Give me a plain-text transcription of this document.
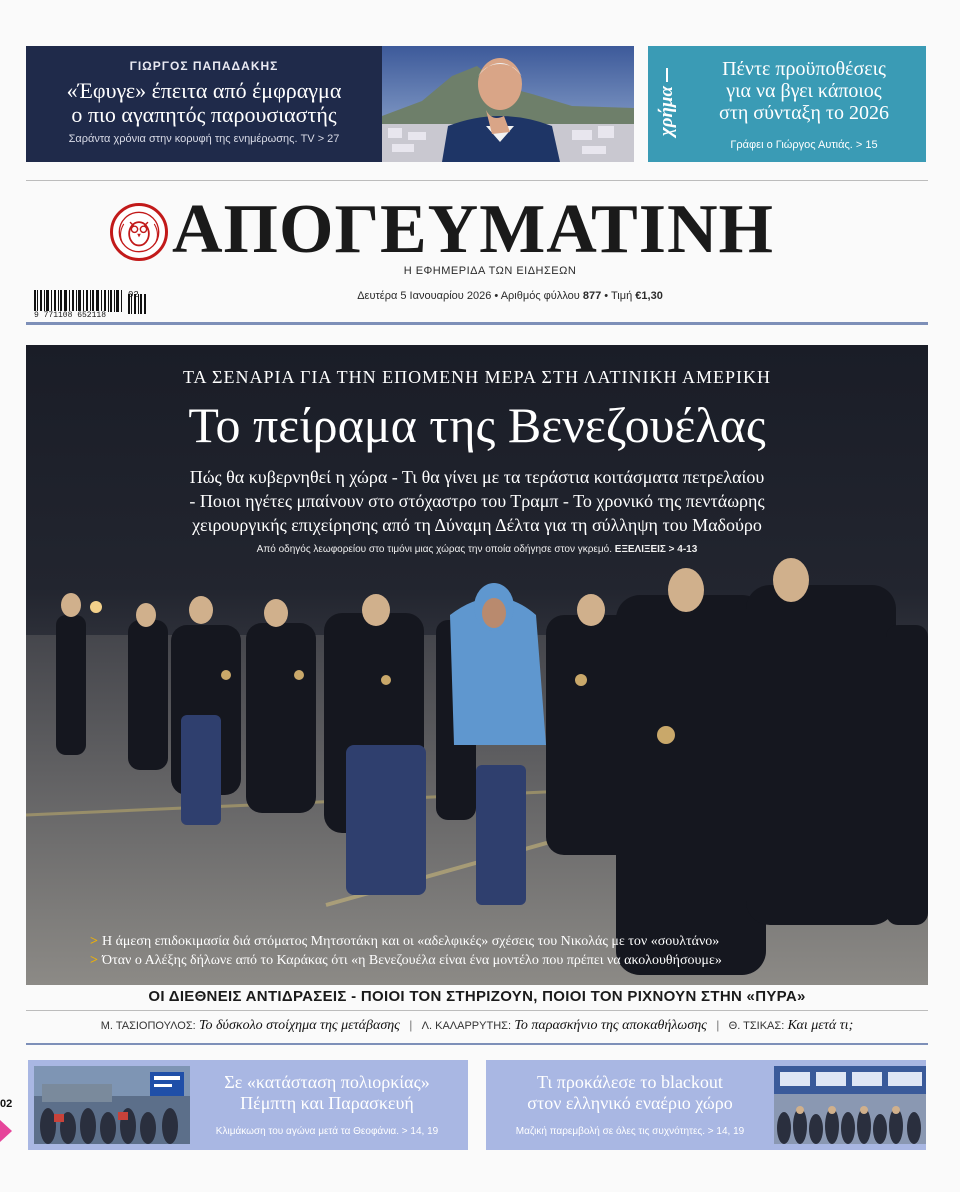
ΓΙΩΡΓΟΣ ΠΑΠΑΔΑΚΗΣ
«Έφυγε» έπειτα από έμφραγμα
ο πιο αγαπητός παρουσιαστής
Σαράντα χρόνια στην κορυφή της ενημέρωσης. TV > 27
χρήμα
Πέντε προϋποθέσεις
για να βγει κάποιος
στη σύνταξη το 2026
Γράφει ο Γιώργος Αυτιάς. > 15
ΑΠΟΓΕΥΜΑΤΙΝΗ
Η ΕΦΗΜΕΡΙΔΑ ΤΩΝ ΕΙΔΗΣΕΩΝ
9 771108 652118
02	Δευτέρα 5 Ιανουαρίου 2026 • Αριθμός φύλλου 877 • Τιμή €1,30
ΤΑ ΣΕΝΑΡΙΑ ΓΙΑ ΤΗΝ ΕΠΟΜΕΝΗ ΜΕΡΑ ΣΤΗ ΛΑΤΙΝΙΚΗ ΑΜΕΡΙΚΗ
Το πείραμα της Βενεζουέλας
Πώς θα κυβερνηθεί η χώρα - Τι θα γίνει με τα τεράστια κοιτάσματα πετρελαίου
- Ποιοι ηγέτες μπαίνουν στο στόχαστρο του Τραμπ - Το χρονικό της πεντάωρης
χειρουργικής επιχείρησης από τη Δύναμη Δέλτα για τη σύλληψη του Μαδούρο
Από οδηγός λεωφορείου στο τιμόνι μιας χώρας την οποία οδήγησε στον γκρεμό. ΕΞΕΛΙΞΕΙΣ > 4-13
> Η άμεση επιδοκιμασία διά στόματος Μητσοτάκη και οι «αδελφικές» σχέσεις του Νικολάς με τον «σουλτάνο»
> Όταν ο Αλέξης δήλωνε από το Καράκας ότι «η Βενεζουέλα είναι ένα μοντέλο που πρέπει να ακολουθήσουμε»
ΟΙ ΔΙΕΘΝΕΙΣ ΑΝΤΙΔΡΑΣΕΙΣ - ΠΟΙΟΙ ΤΟΝ ΣΤΗΡΙΖΟΥΝ, ΠΟΙΟΙ ΤΟΝ ΡΙΧΝΟΥΝ ΣΤΗΝ «ΠΥΡΑ»
Μ. ΤΑΣΙΟΠΟΥΛΟΣ: Το δύσκολο στοίχημα της μετάβασης | Λ. ΚΑΛΑΡΡΥΤΗΣ: Το παρασκήνιο της αποκαθήλωσης | Θ. ΤΣΙΚΑΣ: Και μετά τι;
Σε «κατάσταση πολιορκίας»
Πέμπτη και Παρασκευή
Κλιμάκωση του αγώνα μετά τα Θεοφάνια. > 14, 19
Τι προκάλεσε το blackout
στον ελληνικό εναέριο χώρο
Μαζική παρεμβολή σε όλες τις συχνότητες. > 14, 19
02
